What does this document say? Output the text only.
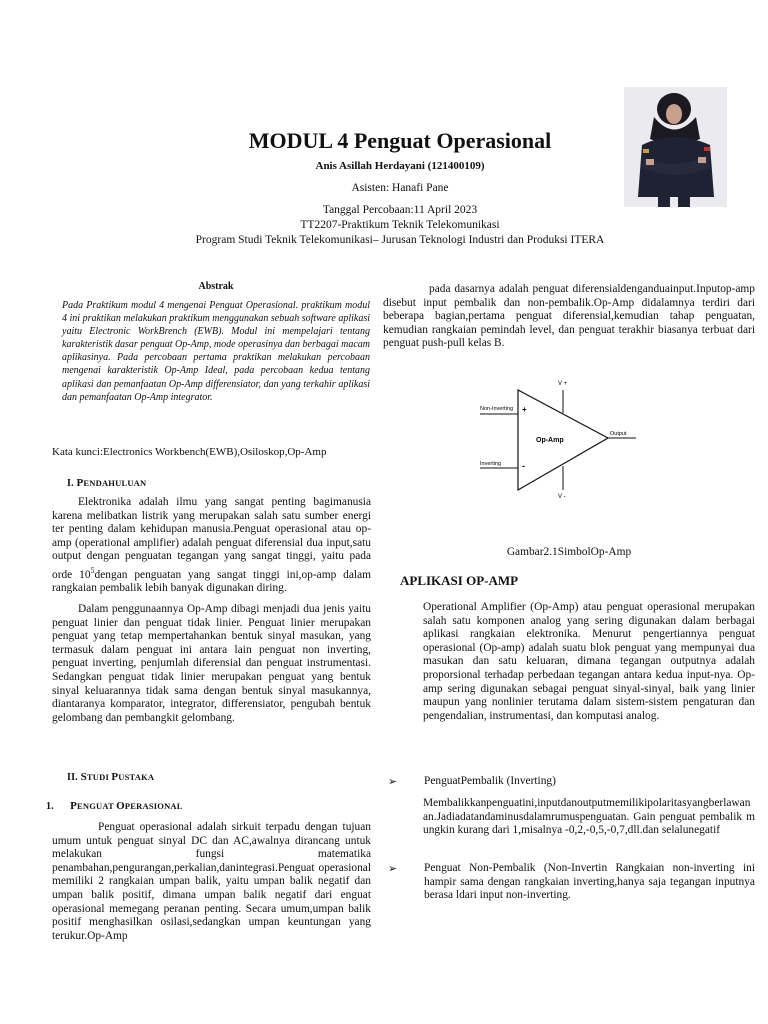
MODUL 4 Penguat Operasional
Anis Asillah Herdayani (121400109)
Asisten: Hanafi Pane
Tanggal Percobaan:11 April 2023
TT2207-Praktikum Teknik Telekomunikasi
Program Studi Teknik Telekomunikasi– Jurusan Teknologi Industri dan Produksi ITERA
Abstrak
Pada Praktikum modul 4 mengenai Penguat Operasional. praktikum modul 4 ini praktikan melakukan praktikum menggunakan sebuah software aplikasi yaitu Electronic WorkBrench (EWB). Modul ini mempelajari tentang karakteristik dasar penguat Op-Amp, mode operasinya dan berbagai macam aplikasinya. Pada percobaan pertama praktikan melakukan percobaan mengenai karakteristik Op-Amp Ideal, pada percobaan kedua tentang aplikasi dan pemanfaatan Op-Amp differensiator, dan yang terkahir aplikasi dan pemanfaatan Op-Amp integrator.
Kata kunci:Electronics Workbench(EWB),Osiloskop,Op-Amp
I. PENDAHULUAN

Elektronika adalah ilmu yang sangat penting bagimanusia karena melibatkan listrik yang merupakan salah satu sumber energi ter penting dalam kehidupan manusia.Penguat operasional atau op-amp (operational amplifier) adalah penguat diferensial dua input,satu output dengan penguatan tegangan yang sangat tinggi, yaitu pada orde $10^5dengan$ penguatan yang sangat tinggi ini,op-amp dalam rangkaian pembalik lebih banyak digunakan diring.

Dalam penggunaannya Op-Amp dibagi menjadi dua jenis yaitu penguat linier dan penguat tidak linier. Penguat linier merupakan penguat yang tetap mempertahankan bentuk sinyal masukan, yang termasuk dalam penguat ini antara lain penguat non inverting, penguat inverting, penjumlah diferensial dan penguat instrumentasi. Sedangkan penguat tidak linier merupakan penguat yang bentuk sinyal keluarannya tidak sama dengan bentuk sinyal masukannya, diantaranya komparator, integrator, differensiator, pengubah bentuk gelombang dan pembangkit gelombang.

II. STUDI PUSTAKA
1. PENGUAT OPERASIONAL

Penguat operasional adalah sirkuit terpadu dengan tujuan umum untuk penguat sinyal DC dan AC,awalnya dirancang untuk melakukan fungsi matematika penambahan,pengurangan,perkalian,danintegrasi.Penguat operasional memiliki 2 rangkaian umpan balik, yaitu umpan balik negatif dan umpan balik positif, dimana umpan balik negatif dari enguat operasional memegang peranan penting. Secara umum,umpan balik positif menghasilkan osilasi,sedangkan umpan keuntungan yang terukur.Op-Amp

pada dasarnya adalah penguat diferensialdenganduainput.Inputop-amp disebut input pembalik dan non-pembalik.Op-Amp didalamnya terdiri dari beberapa bagian,pertama penguat diferensial,kemudian tahap penguatan, kemudian rangkaian pemindah level, dan penguat terakhir biasanya terbuat dari penguat push-pull kelas B.

V +
V -
Non-Inverting
Inverting
+
-
Op-Amp
Output
Gambar2.1SimbolOp-Amp
APLIKASI OP-AMP
Operational Amplifier (Op-Amp) atau penguat operasional merupakan salah satu komponen analog yang sering digunakan dalam berbagai aplikasi rangkaian elektronika. Menurut pengertiannya penguat operasional (Op-amp) adalah suatu blok penguat yang mempunyai dua masukan dan satu keluaran, dimana tegangan outputnya adalah proporsional terhadap perbedaan tegangan antara kedua input-nya. Op-amp sering digunakan sebagai penguat sinyal-sinyal, baik yang linier maupun yang nonlinier terutama dalam sistem-sistem pengaturan dan pengendalian, instrumentasi, dan komputasi analog.
➢	PenguatPembalik (Inverting)
Membalikkanpenguatini,inputdanoutputmemilikipolaritasyangberlawanan.Jadiadatandaminusdalamrumuspenguatan. Gain penguat pembalik mungkin kurang dari 1,misalnya -0,2,-0,5,-0,7,dll.dan selalunegatif
➢	Penguat Non-Pembalik (Non-Invertin Rangkaian non-inverting ini hampir sama dengan rangkaian inverting,hanya saja tegangan inputnya berasa ldari input non-inverting.
